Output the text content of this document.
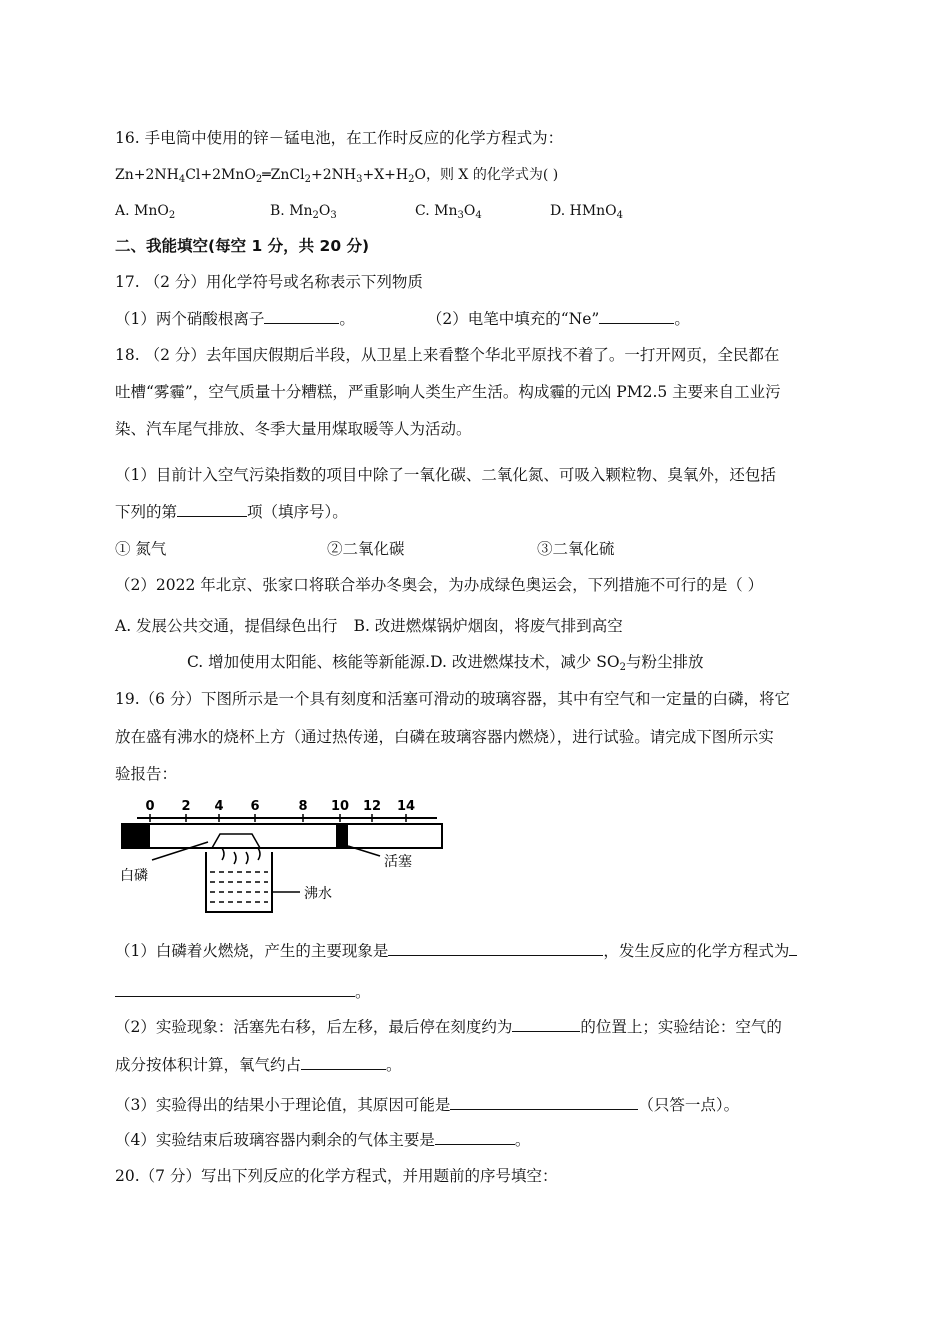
16. 手电筒中使用的锌－锰电池，在工作时反应的化学方程式为：
$Zn+2NH_4Cl+2MnO_2═ZnCl_2+2NH_3+X+H_2O$，则 X 的化学式为( )
A. MnO$_2$	B. $Mn_2O_3$	C. $Mn_3O_4$	D. HMnO$_4$
二、我能填空(每空 1 分，共 20 分)
17. （2 分）用化学符号或名称表示下列物质
（1）两个硝酸根离子	。	（2）电笔中填充的“Ne”	。
18. （2 分）去年国庆假期后半段，从卫星上来看整个华北平原找不着了。一打开网页，全民都在
吐槽“雾霾”，空气质量十分糟糕，严重影响人类生产生活。构成霾的元凶 PM2.5 主要来自工业污
染、汽车尾气排放、冬季大量用煤取暖等人为活动。
（1）目前计入空气污染指数的项目中除了一氧化碳、二氧化氮、可吸入颗粒物、臭氧外，还包括
下列的第	项（填序号）。
① 氮气	②二氧化碳	③二氧化硫
（2）2022 年北京、张家口将联合举办冬奥会，为办成绿色奥运会，下列措施不可行的是（ ）
A. 发展公共交通，提倡绿色出行 B. 改进燃煤锅炉烟囱，将废气排到高空
C. 增加使用太阳能、核能等新能源.D. 改进燃煤技术，减少 $SO_2$与粉尘排放
19.（6 分）下图所示是一个具有刻度和活塞可滑动的玻璃容器，其中有空气和一定量的白磷，将它
放在盛有沸水的烧杯上方（通过热传递，白磷在玻璃容器内燃烧），进行试验。请完成下图所示实
验报告：
0 2 4 6	8 10 12 14
白磷
活塞
沸水
（1）白磷着火燃烧，产生的主要现象是	，发生反应的化学方程式为
。
（2）实验现象：活塞先右移，后左移，最后停在刻度约为	的位置上；实验结论：空气的
成分按体积计算，氧气约占	。
（3）实验得出的结果小于理论值，其原因可能是	（只答一点）。
（4）实验结束后玻璃容器内剩余的气体主要是	。
20.（7 分）写出下列反应的化学方程式，并用题前的序号填空：
